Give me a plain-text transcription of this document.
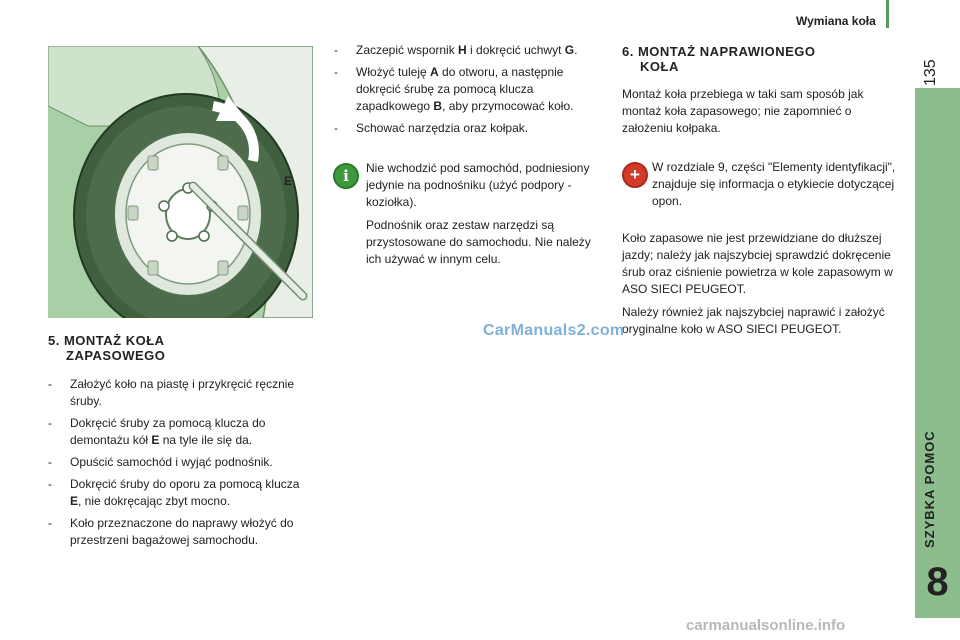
Wymiana koła
135
SZYBKA POMOC
8
E
5. MONTAŻ KOŁA
ZAPASOWEGO
- Założyć koło na piastę i przykręcić ręcznie śruby.
- Dokręcić śruby za pomocą klucza do demontażu kół E na tyle ile się da.
- Opuścić samochód i wyjąć podnośnik.
- Dokręcić śruby do oporu za pomocą klucza E, nie dokręcając zbyt mocno.
- Koło przeznaczone do naprawy włożyć do przestrzeni bagażowej samochodu.
- Zaczepić wspornik H i dokręcić uchwyt G.
- Włożyć tuleję A do otworu, a następnie dokręcić śrubę za pomocą klucza zapadkowego B, aby przymocować koło.
- Schować narzędzia oraz kołpak.
i	Nie wchodzić pod samochód, podniesiony jedynie na podnośniku (użyć podpory - koziołka).

Podnośnik oraz zestaw narzędzi są przystosowane do samochodu. Nie należy ich używać w innym celu.

6. MONTAŻ NAPRAWIONEGO
KOŁA

Montaż koła przebiega w taki sam sposób jak montaż koła zapasowego; nie zapomnieć o założeniu kołpaka.

+	W rozdziale 9, części "Elementy identyfikacji", znajduje się informacja o etykiecie dotyczącej opon.

Koło zapasowe nie jest przewidziane do dłuższej jazdy; należy jak najszybciej sprawdzić dokręcenie śrub oraz ciśnienie powietrza w kole zapasowym w ASO SIECI PEUGEOT.

Należy również jak najszybciej naprawić i założyć oryginalne koło w ASO SIECI PEUGEOT.

CarManuals2.com
carmanualsonline.info
